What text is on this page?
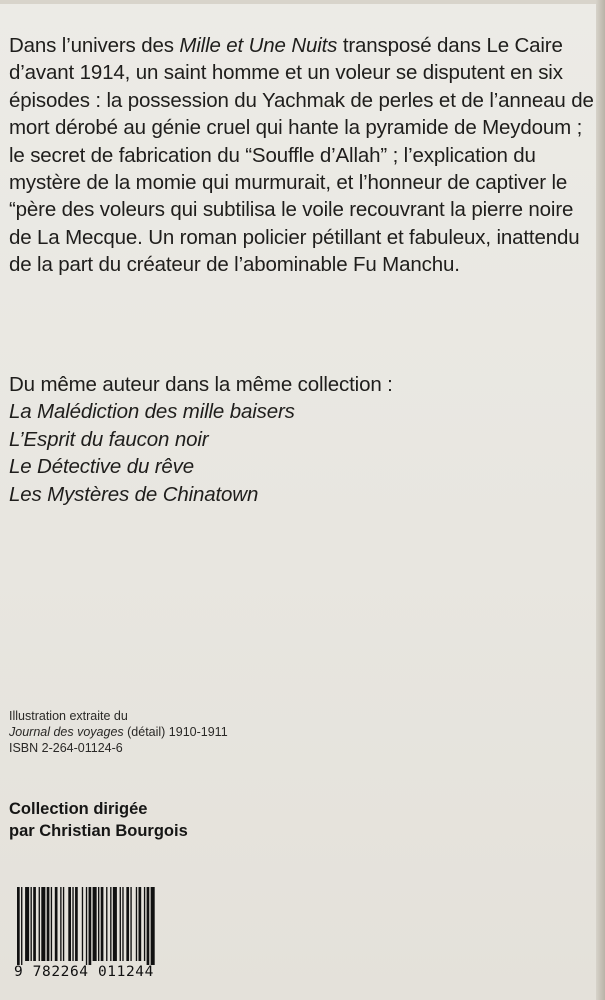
Dans l’univers des Mille et Une Nuits transposé dans Le Caire d’avant 1914, un saint homme et un voleur se disputent en six épisodes : la possession du Yachmak de perles et de l’anneau de mort dérobé au génie cruel qui hante la pyramide de Meydoum ; le secret de fabrication du “Souffle d’Allah” ; l’explication du mystère de la momie qui murmurait, et l’honneur de captiver le “père des voleurs qui subtilisa le voile recouvrant la pierre noire de La Mecque. Un roman policier pétillant et fabuleux, inattendu de la part du créateur de l’abominable Fu Manchu.

Du même auteur dans la même collection :

La Malédiction des mille baisers

L’Esprit du faucon noir

Le Détective du rêve

Les Mystères de Chinatown

Illustration extraite du

Journal des voyages (détail) 1910-1911

ISBN 2-264-01124-6

Collection dirigée

par Christian Bourgois

9 782264 011244
